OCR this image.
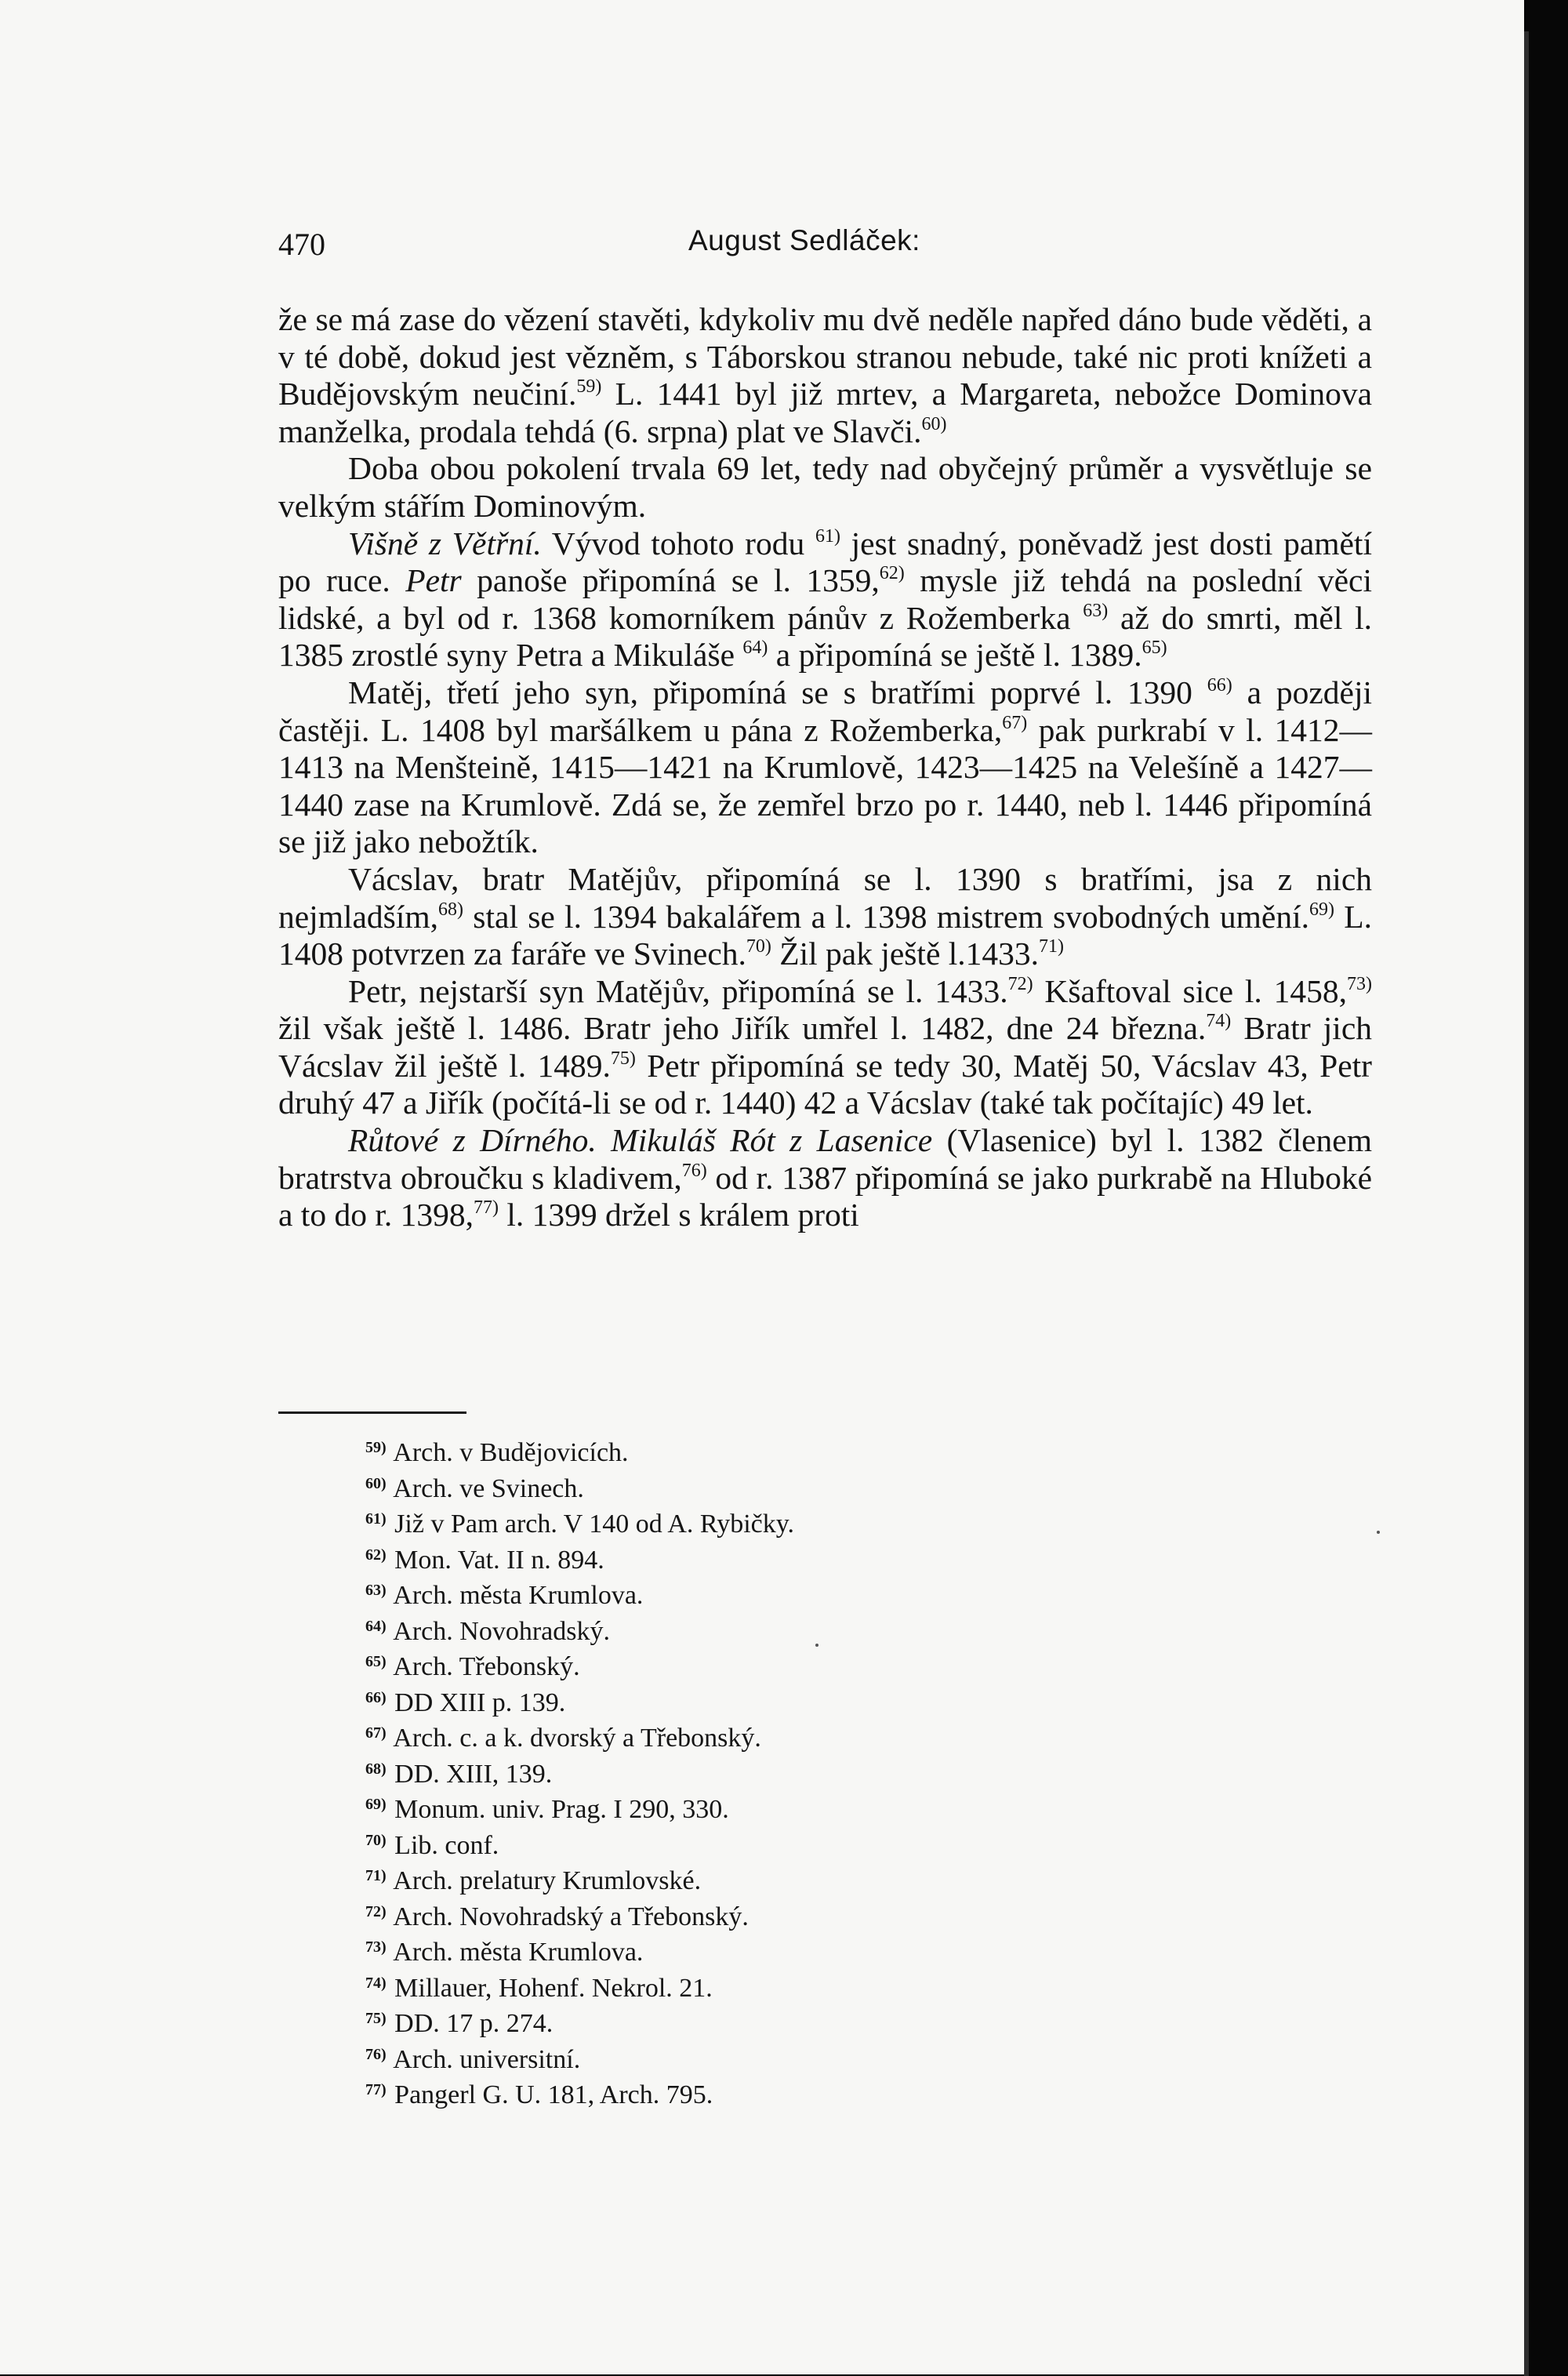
470	August Sedláček:

že se má zase do vězení stavěti, kdykoliv mu dvě neděle napřed dáno bude věděti, a v té době, dokud jest vězněm, s Táborskou stranou nebude, také nic proti knížeti a Budějovským neučiní.$^{59)}$ L. 1441 byl již mrtev, a Margareta, nebožce Dominova manželka, prodala tehdá (6. srpna) plat ve Slavči.$^{60)}$

Doba obou pokolení trvala 69 let, tedy nad obyčejný průměr a vysvětluje se velkým stářím Dominovým.

Višně z Větřní. Vývod tohoto rodu $^{61)}$ jest snadný, poněvadž jest dosti pamětí po ruce. Petr panoše připomíná se l. 1359,$^{62)}$ mysle již tehdá na poslední věci lidské, a byl od r. 1368 komorníkem pánův z Rožemberka $^{63)}$ až do smrti, měl l. 1385 zrostlé syny Petra a Mikuláše $^{64)}$ a připomíná se ještě l. 1389.$^{65)}$

Matěj, třetí jeho syn, připomíná se s bratřími poprvé l. 1390 $^{66)}$ a později častěji. L. 1408 byl maršálkem u pána z Rožemberka,$^{67)}$ pak purkrabí v l. 1412—1413 na Menšteině, 1415—1421 na Krumlově, 1423—1425 na Velešíně a 1427—1440 zase na Krumlově. Zdá se, že zemřel brzo po r. 1440, neb l. 1446 připomíná se již jako nebožtík.

Vácslav, bratr Matějův, připomíná se l. 1390 s bratřími, jsa z nich nejmladším,$^{68)}$ stal se l. 1394 bakalářem a l. 1398 mistrem svobodných umění.$^{69)}$ L. 1408 potvrzen za faráře ve Svinech.$^{70)}$ Žil pak ještě l.1433.$^{71)}$

Petr, nejstarší syn Matějův, připomíná se l. 1433.$^{72)}$ Kšaftoval sice l. 1458,$^{73)}$ žil však ještě l. 1486. Bratr jeho Jiřík umřel l. 1482, dne 24 března.$^{74)}$ Bratr jich Vácslav žil ještě l. 1489.$^{75)}$ Petr připomíná se tedy 30, Matěj 50, Vácslav 43, Petr druhý 47 a Jiřík (počítá-li se od r. 1440) 42 a Vácslav (také tak počítajíc) 49 let.

Růtové z Dírného. Mikuláš Rót z Lasenice (Vlasenice) byl l. 1382 členem bratrstva obroučku s kladivem,$^{76)}$ od r. 1387 připomíná se jako purkrabě na Hluboké a to do r. 1398,$^{77)}$ l. 1399 držel s králem proti

$^{59)}$ Arch. v Budějovicích.
$^{60)}$ Arch. ve Svinech.
$^{61)}$ Již v Pam arch. V 140 od A. Rybičky.
$^{62)}$ Mon. Vat. II n. 894.
$^{63)}$ Arch. města Krumlova.
$^{64)}$ Arch. Novohradský.
$^{65)}$ Arch. Třebonský.
$^{66)}$ DD XIII p. 139.
$^{67)}$ Arch. c. a k. dvorský a Třebonský.
$^{68)}$ DD. XIII, 139.
$^{69)}$ Monum. univ. Prag. I 290, 330.
$^{70)}$ Lib. conf.
$^{71)}$ Arch. prelatury Krumlovské.
$^{72)}$ Arch. Novohradský a Třebonský.
$^{73)}$ Arch. města Krumlova.
$^{74)}$ Millauer, Hohenf. Nekrol. 21.
$^{75)}$ DD. 17 p. 274.
$^{76)}$ Arch. universitní.
$^{77)}$ Pangerl G. U. 181, Arch. 795.
